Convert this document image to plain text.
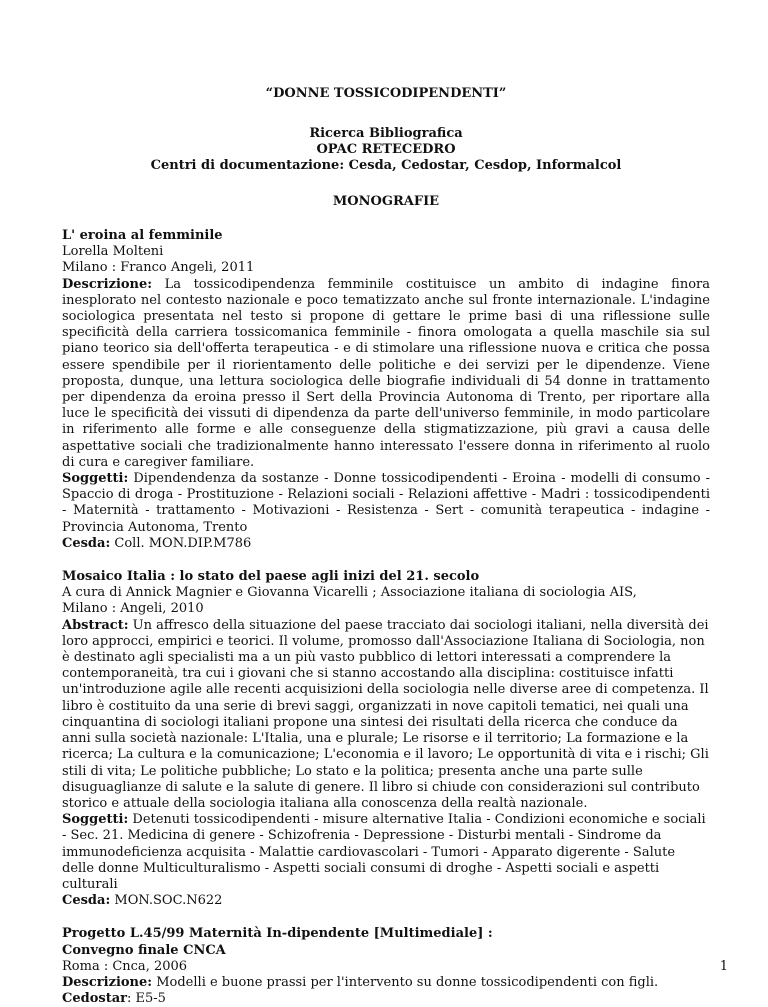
“DONNE TOSSICODIPENDENTI”
Ricerca Bibliografica
OPAC RETECEDRO
Centri di documentazione: Cesda, Cedostar, Cesdop, Informalcol
MONOGRAFIE
L' eroina al femminile
Lorella Molteni
Milano : Franco Angeli, 2011
Descrizione: La tossicodipendenza femminile costituisce un ambito di indagine finora inesplorato nel contesto nazionale e poco tematizzato anche sul fronte internazionale. L'indagine sociologica presentata nel testo si propone di gettare le prime basi di una riflessione sulle specificità della carriera tossicomanica femminile - finora omologata a quella maschile sia sul piano teorico sia dell'offerta terapeutica - e di stimolare una riflessione nuova e critica che possa essere spendibile per il riorientamento delle politiche e dei servizi per le dipendenze. Viene proposta, dunque, una lettura sociologica delle biografie individuali di 54 donne in trattamento per dipendenza da eroina presso il Sert della Provincia Autonoma di Trento, per riportare alla luce le specificità dei vissuti di dipendenza da parte dell'universo femminile, in modo particolare in riferimento alle forme e alle conseguenze della stigmatizzazione, più gravi a causa delle aspettative sociali che tradizionalmente hanno interessato l'essere donna in riferimento al ruolo di cura e caregiver familiare.
Soggetti: Dipendendenza da sostanze - Donne tossicodipendenti - Eroina - modelli di consumo - Spaccio di droga - Prostituzione - Relazioni sociali - Relazioni affettive - Madri : tossicodipendenti - Maternità - trattamento - Motivazioni - Resistenza - Sert - comunità terapeutica - indagine - Provincia Autonoma, Trento
Cesda: Coll. MON.DIP.M786
Mosaico Italia : lo stato del paese agli inizi del 21. secolo
A cura di Annick Magnier e Giovanna Vicarelli ; Associazione italiana di sociologia AIS,
Milano : Angeli, 2010
Abstract: Un affresco della situazione del paese tracciato dai sociologi italiani, nella diversità dei loro approcci, empirici e teorici. Il volume, promosso dall'Associazione Italiana di Sociologia, non è destinato agli specialisti ma a un più vasto pubblico di lettori interessati a comprendere la contemporaneità, tra cui i giovani che si stanno accostando alla disciplina: costituisce infatti un'introduzione agile alle recenti acquisizioni della sociologia nelle diverse aree di competenza. Il libro è costituito da una serie di brevi saggi, organizzati in nove capitoli tematici, nei quali una cinquantina di sociologi italiani propone una sintesi dei risultati della ricerca che conduce da anni sulla società nazionale: L'Italia, una e plurale; Le risorse e il territorio; La formazione e la ricerca; La cultura e la comunicazione; L'economia e il lavoro; Le opportunità di vita e i rischi; Gli stili di vita; Le politiche pubbliche; Lo stato e la politica; presenta anche una parte sulle disuguaglianze di salute e la salute di genere. Il libro si chiude con considerazioni sul contributo storico e attuale della sociologia italiana alla conoscenza della realtà nazionale.
Soggetti: Detenuti tossicodipendenti - misure alternative Italia - Condizioni economiche e sociali - Sec. 21. Medicina di genere - Schizofrenia - Depressione - Disturbi mentali - Sindrome da immunodeficienza acquisita - Malattie cardiovascolari - Tumori - Apparato digerente - Salute delle donne Multiculturalismo - Aspetti sociali consumi di droghe - Aspetti sociali e aspetti culturali
Cesda: MON.SOC.N622
Progetto L.45/99 Maternità In-dipendente [Multimediale] :
Convegno finale CNCA
Roma : Cnca, 2006
Descrizione: Modelli e buone prassi per l'intervento su donne tossicodipendenti con figli.
Cedostar: E5-5
1
